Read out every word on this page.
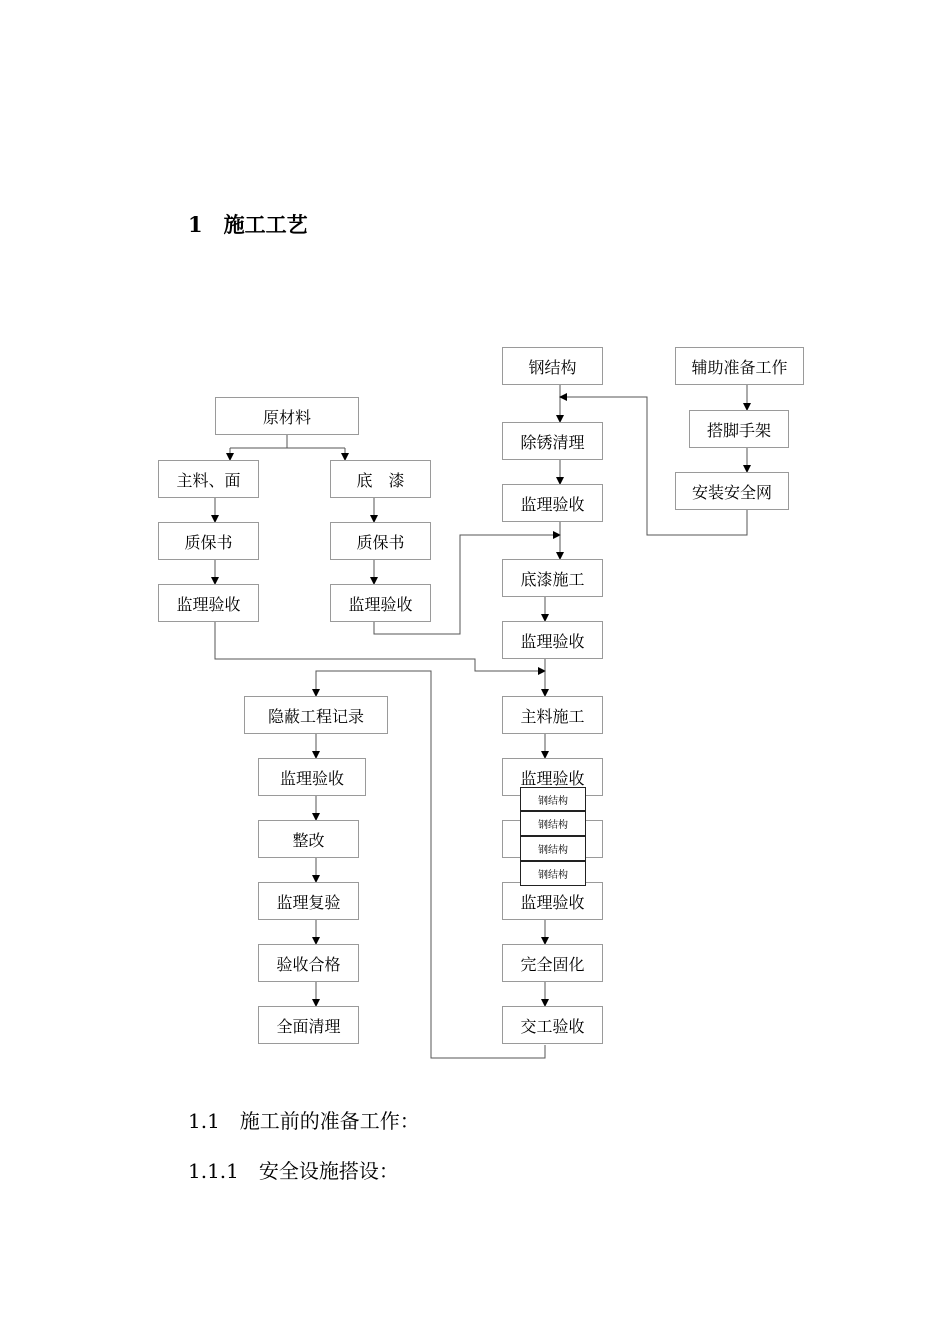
1　施工工艺
原材料
主料、面	底　漆
质保书	质保书
监理验收	监理验收
钢结构
除锈清理
监理验收
底漆施工
监理验收
主料施工
监理验收
监理验收
完全固化
交工验收
辅助准备工作
搭脚手架
安装安全网
隐蔽工程记录
监理验收
整改
监理复验
验收合格
全面清理
钢结构
钢结构
钢结构
钢结构
1.1　施工前的准备工作：
1.1.1　安全设施搭设：
